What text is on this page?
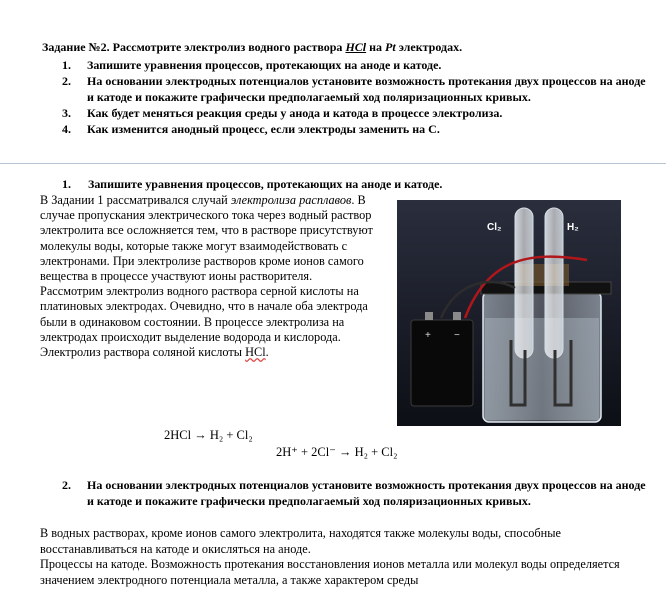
Задание №2. Рассмотрите электролиз водного раствора HCl на Pt электродах.
1. Запишите уравнения процессов, протекающих на аноде и катоде.
2. На основании электродных потенциалов установите возможность протекания двух процессов на аноде и катоде и покажите графически предполагаемый ход поляризационных кривых.
3. Как будет меняться реакция среды у анода и катода в процессе электролиза.
4. Как изменится анодный процесс, если электроды заменить на С.
1. Запишите уравнения процессов, протекающих на аноде и катоде.
В Задании 1 рассматривался случай электролиза расплавов. В случае пропускания электрического тока через водный раствор электролита все осложняется тем, что в растворе присутствуют молекулы воды, которые также могут взаимодействовать с электронами. При электролизе растворов кроме ионов самого вещества в процессе участвуют ионы растворителя.
Рассмотрим электролиз водного раствора серной кислоты на платиновых электродах. Очевидно, что в начале оба электрода были в одинаковом состоянии. В процессе электролиза на электродах происходит выделение водорода и кислорода.
Электролиз раствора соляной кислоты HCl.
2HCl → H₂ + Cl₂
2H⁺ + 2Cl⁻ → H₂ + Cl₂
+ −
Cl₂	H₂
2.	На основании электродных потенциалов установите возможность протекания двух процессов на аноде и катоде и покажите графически предполагаемый ход поляризационных кривых.
В водных растворах, кроме ионов самого электролита, находятся также молекулы воды, способные восстанавливаться на катоде и окисляться на аноде.
Процессы на катоде. Возможность протекания восстановления ионов металла или молекул воды определяется значением электродного потенциала металла, а также характером среды
